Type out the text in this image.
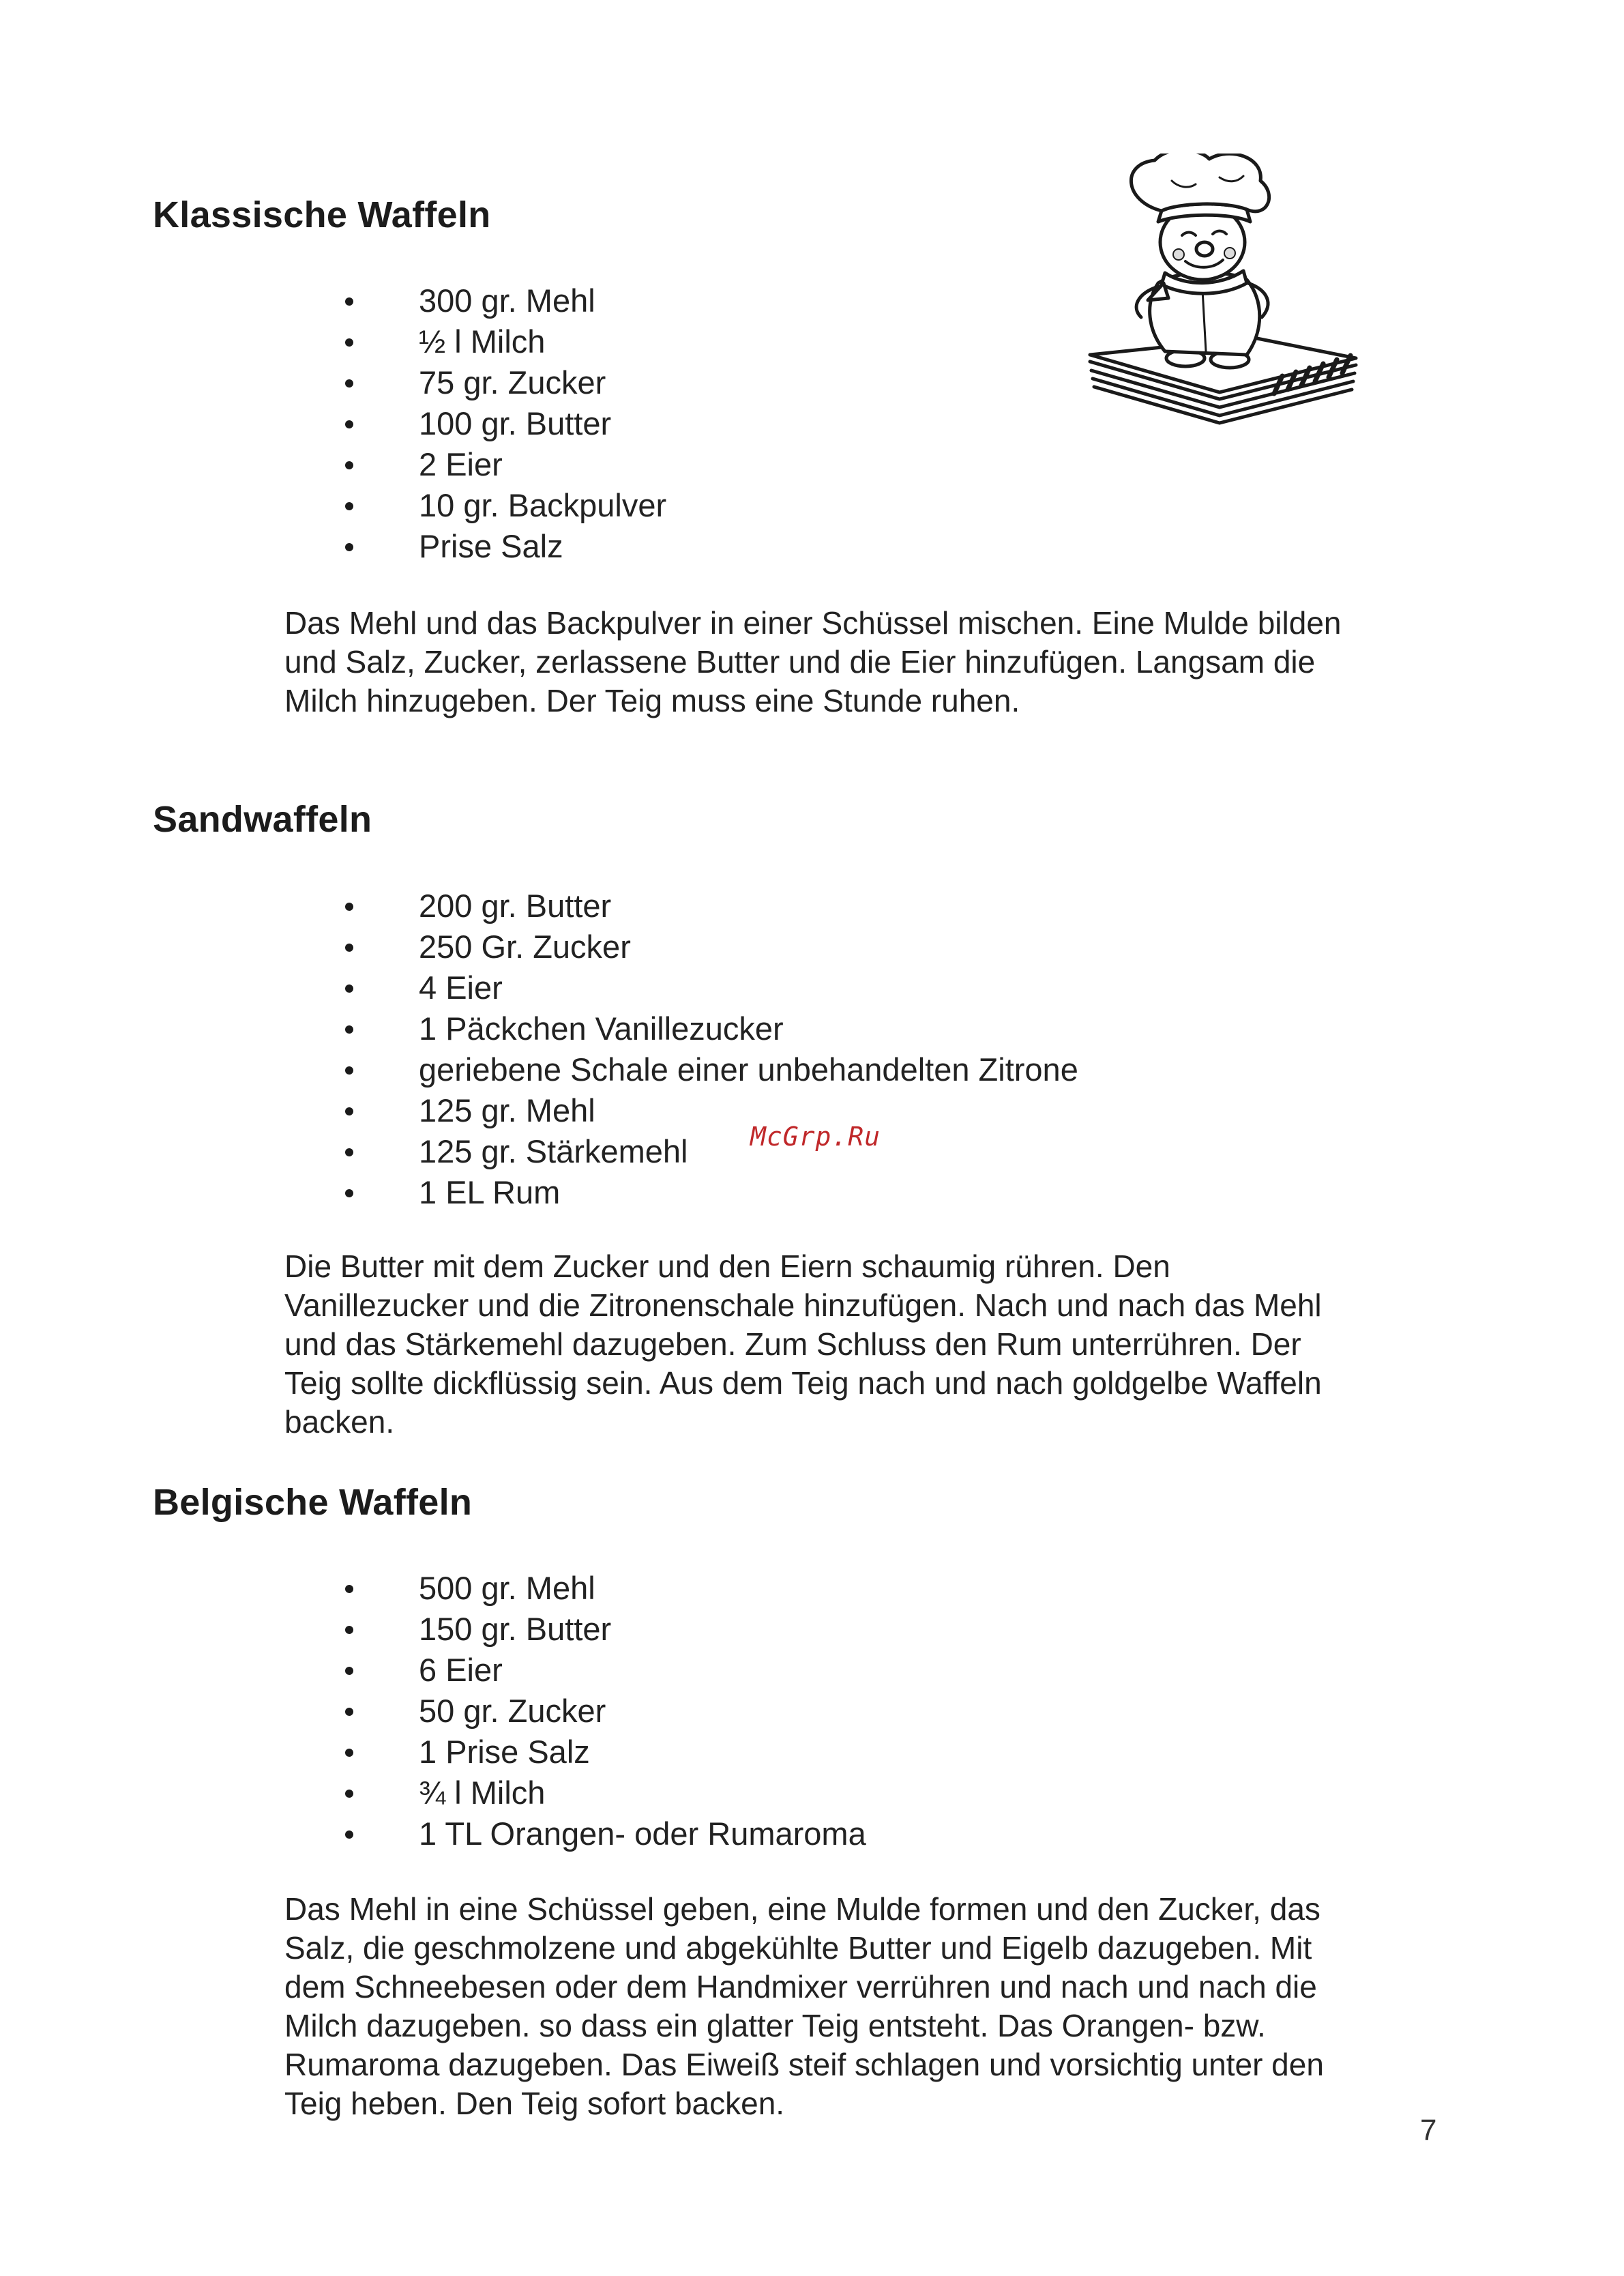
Klassische Waffeln
300 gr. Mehl
½ l Milch
75 gr. Zucker
100 gr. Butter
2 Eier
10 gr. Backpulver
Prise Salz

Das Mehl und das Backpulver in einer Schüssel mischen. Eine Mulde bilden
und Salz, Zucker, zerlassene Butter und die Eier hinzufügen. Langsam die
Milch hinzugeben. Der Teig muss eine Stunde ruhen.

Sandwaffeln
200 gr. Butter
250 Gr. Zucker
4 Eier
1 Päckchen Vanillezucker
geriebene Schale einer unbehandelten Zitrone
125 gr. Mehl
125 gr. Stärkemehl
1 EL Rum

Die Butter mit dem Zucker und den Eiern schaumig rühren. Den
Vanillezucker und die Zitronenschale hinzufügen. Nach und nach das Mehl
und das Stärkemehl dazugeben. Zum Schluss den Rum unterrühren. Der
Teig sollte dickflüssig sein. Aus dem Teig nach und nach goldgelbe Waffeln
backen.

Belgische Waffeln
500 gr. Mehl
150 gr. Butter
6 Eier
50 gr. Zucker
1 Prise Salz
¾ l Milch
1 TL Orangen- oder Rumaroma

Das Mehl in eine Schüssel geben, eine Mulde formen und den Zucker, das
Salz, die geschmolzene und abgekühlte Butter und Eigelb dazugeben. Mit
dem Schneebesen oder dem Handmixer verrühren und nach und nach die
Milch dazugeben. so dass ein glatter Teig entsteht. Das Orangen- bzw.
Rumaroma dazugeben. Das Eiweiß steif schlagen und vorsichtig unter den
Teig heben. Den Teig sofort backen.

McGrp.Ru
7
